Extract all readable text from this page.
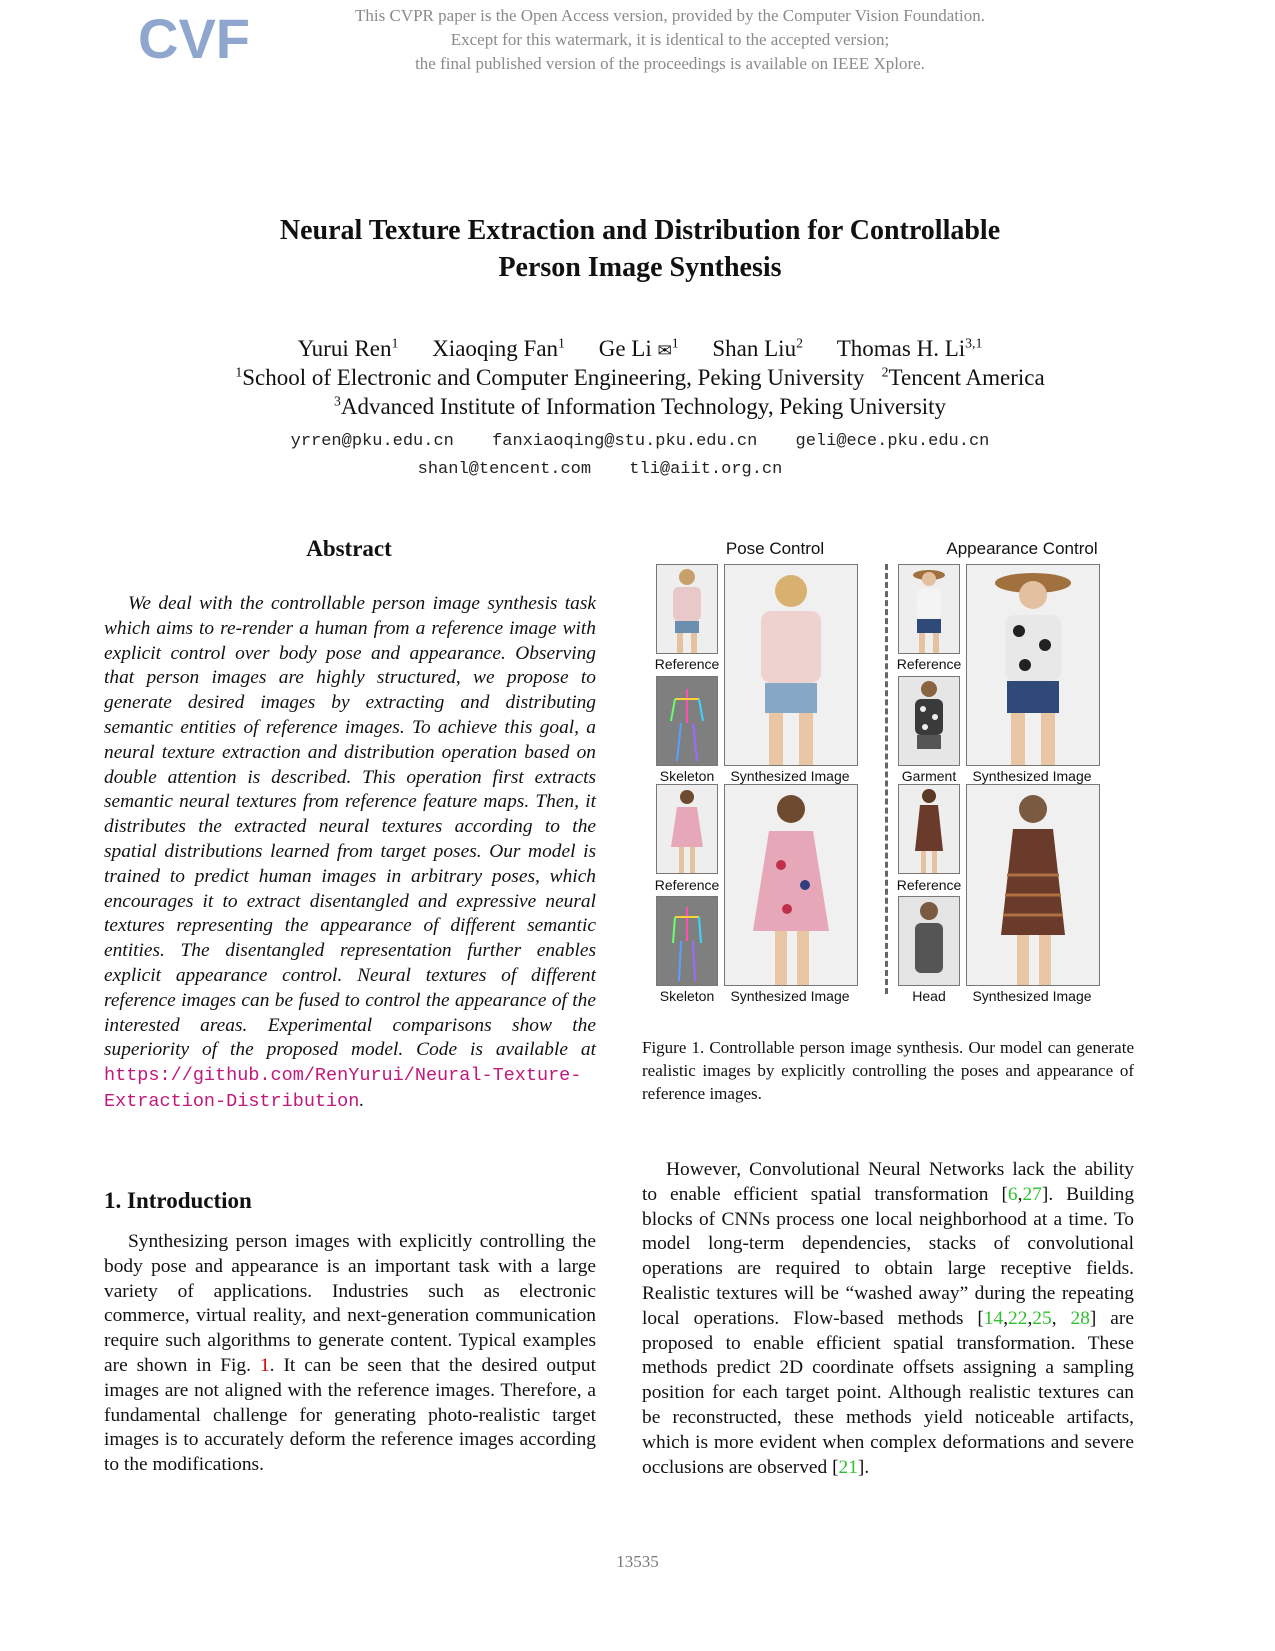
CVF	This CVPR paper is the Open Access version, provided by the Computer Vision Foundation.
Except for this watermark, it is identical to the accepted version;
the final published version of the proceedings is available on IEEE Xplore.
Neural Texture Extraction and Distribution for Controllable
Person Image Synthesis
Yurui Ren$^1$ Xiaoqing Fan$^1$ Ge Li ✉$^1$ Shan Liu$^2$ Thomas H. Li$^{3,1}$
$^1$School of Electronic and Computer Engineering, Peking University $^2$Tencent America
$^3$Advanced Institute of Information Technology, Peking University
yrren@pku.edu.cn fanxiaoqing@stu.pku.edu.cn geli@ece.pku.edu.cn
shanl@tencent.com tli@aiit.org.cn
Abstract
We deal with the controllable person image synthesis task which aims to re-render a human from a reference image with explicit control over body pose and appearance. Observing that person images are highly structured, we propose to generate desired images by extracting and distributing semantic entities of reference images. To achieve this goal, a neural texture extraction and distribution operation based on double attention is described. This operation first extracts semantic neural textures from reference feature maps. Then, it distributes the extracted neural textures according to the spatial distributions learned from target poses. Our model is trained to predict human images in arbitrary poses, which encourages it to extract disentangled and expressive neural textures representing the appearance of different semantic entities. The disentangled representation further enables explicit appearance control. Neural textures of different reference images can be fused to control the appearance of the interested areas. Experimental comparisons show the superiority of the proposed model. Code is available at https://github.com/RenYurui/Neural-Texture-Extraction-Distribution.
Pose Control	Appearance Control
Reference
Skeleton	Synthesized Image
Reference
Garment	Synthesized Image
Reference
Skeleton	Synthesized Image
Reference
Head	Synthesized Image
Figure 1. Controllable person image synthesis. Our model can generate realistic images by explicitly controlling the poses and appearance of reference images.
1. Introduction
Synthesizing person images with explicitly controlling the body pose and appearance is an important task with a large variety of applications. Industries such as electronic commerce, virtual reality, and next-generation communication require such algorithms to generate content. Typical examples are shown in Fig. 1. It can be seen that the desired output images are not aligned with the reference images. Therefore, a fundamental challenge for generating photo-realistic target images is to accurately deform the reference images according to the modifications.
However, Convolutional Neural Networks lack the ability to enable efficient spatial transformation [6,27]. Building blocks of CNNs process one local neighborhood at a time. To model long-term dependencies, stacks of convolutional operations are required to obtain large receptive fields. Realistic textures will be “washed away” during the repeating local operations. Flow-based methods [14,22,25, 28] are proposed to enable efficient spatial transformation. These methods predict 2D coordinate offsets assigning a sampling position for each target point. Although realistic textures can be reconstructed, these methods yield noticeable artifacts, which is more evident when complex deformations and severe occlusions are observed [21].
13535
